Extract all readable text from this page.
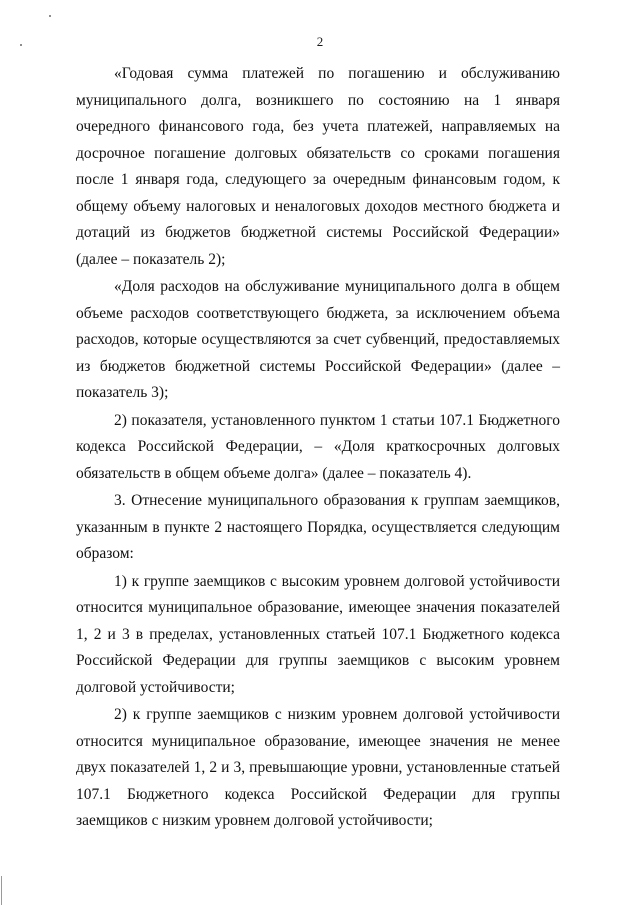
2

«Годовая сумма платежей по погашению и обслуживанию муниципального долга, возникшего по состоянию на 1 января очередного финансового года, без учета платежей, направляемых на досрочное погашение долговых обязательств со сроками погашения после 1 января года, следующего за очередным финансовым годом, к общему объему налоговых и неналоговых доходов местного бюджета и дотаций из бюджетов бюджетной системы Российской Федерации» (далее – показатель 2);

«Доля расходов на обслуживание муниципального долга в общем объеме расходов соответствующего бюджета, за исключением объема расходов, которые осуществляются за счет субвенций, предоставляемых из бюджетов бюджетной системы Российской Федерации» (далее – показатель 3);

2) показателя, установленного пунктом 1 статьи 107.1 Бюджетного кодекса Российской Федерации, – «Доля краткосрочных долговых обязательств в общем объеме долга» (далее – показатель 4).

3. Отнесение муниципального образования к группам заемщиков, указанным в пункте 2 настоящего Порядка, осуществляется следующим образом:

1) к группе заемщиков с высоким уровнем долговой устойчивости относится муниципальное образование, имеющее значения показателей 1, 2 и 3 в пределах, установленных статьей 107.1 Бюджетного кодекса Российской Федерации для группы заемщиков с высоким уровнем долговой устойчивости;

2) к группе заемщиков с низким уровнем долговой устойчивости относится муниципальное образование, имеющее значения не менее двух показателей 1, 2 и 3, превышающие уровни, установленные статьей 107.1 Бюджетного кодекса Российской Федерации для группы заемщиков с низким уровнем долговой устойчивости;
